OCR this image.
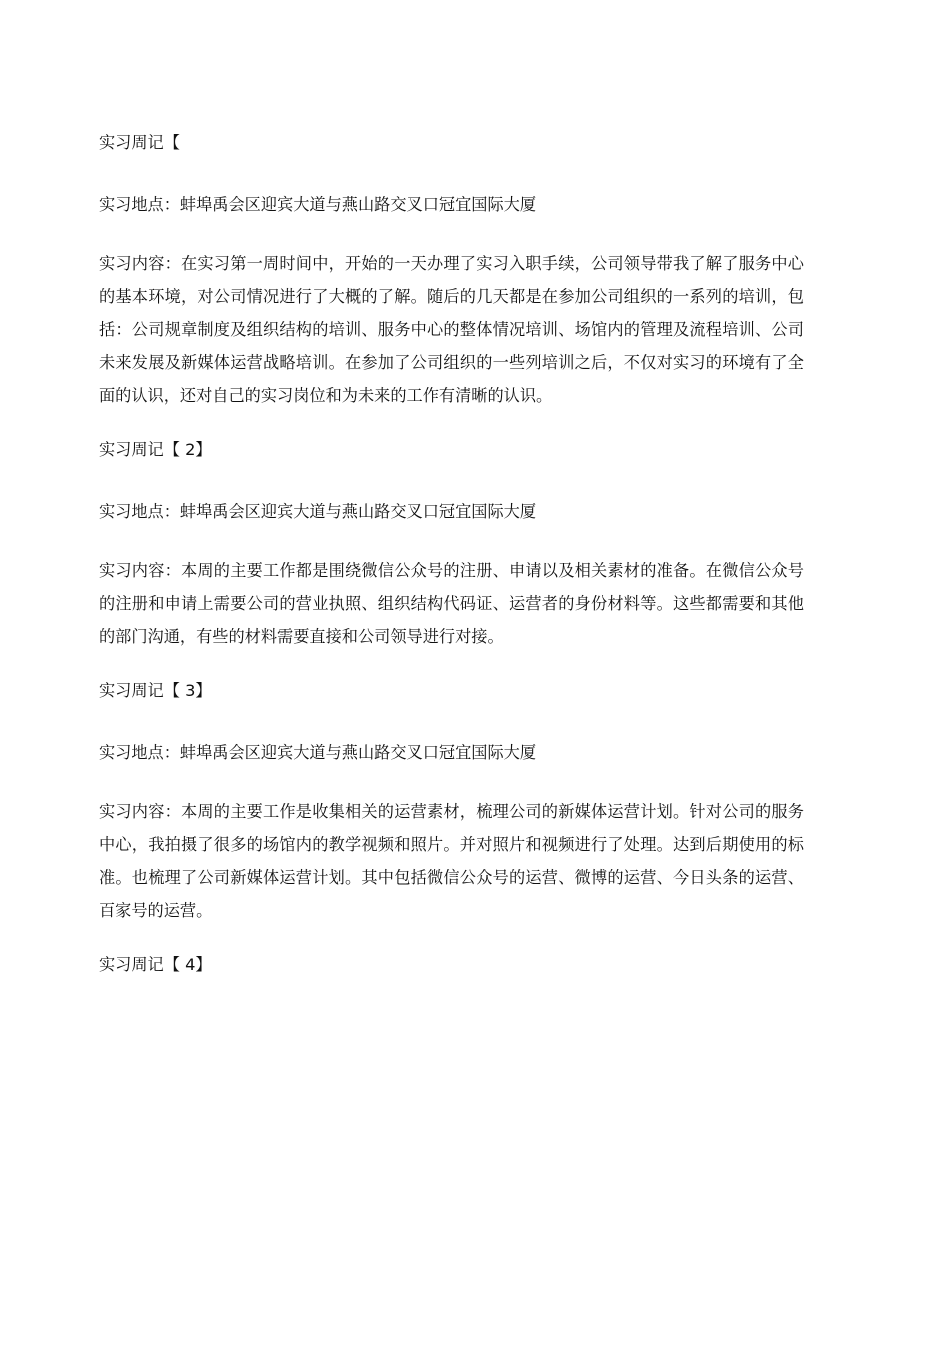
实习周记【

实习地点：蚌埠禹会区迎宾大道与燕山路交叉口冠宜国际大厦

实习内容：在实习第一周时间中，开始的一天办理了实习入职手续，公司领导带我了解了服务中心的基本环境，对公司情况进行了大概的了解。随后的几天都是在参加公司组织的一系列的培训，包括：公司规章制度及组织结构的培训、服务中心的整体情况培训、场馆内的管理及流程培训、公司未来发展及新媒体运营战略培训。在参加了公司组织的一些列培训之后，不仅对实习的环境有了全面的认识，还对自己的实习岗位和为未来的工作有清晰的认识。

实习周记【 2】

实习地点：蚌埠禹会区迎宾大道与燕山路交叉口冠宜国际大厦

实习内容：本周的主要工作都是围绕微信公众号的注册、申请以及相关素材的准备。在微信公众号的注册和申请上需要公司的营业执照、组织结构代码证、运营者的身份材料等。这些都需要和其他的部门沟通，有些的材料需要直接和公司领导进行对接。

实习周记【 3】

实习地点：蚌埠禹会区迎宾大道与燕山路交叉口冠宜国际大厦

实习内容：本周的主要工作是收集相关的运营素材，梳理公司的新媒体运营计划。针对公司的服务中心，我拍摄了很多的场馆内的教学视频和照片。并对照片和视频进行了处理。达到后期使用的标准。也梳理了公司新媒体运营计划。其中包括微信公众号的运营、微博的运营、今日头条的运营、百家号的运营。

实习周记【 4】
